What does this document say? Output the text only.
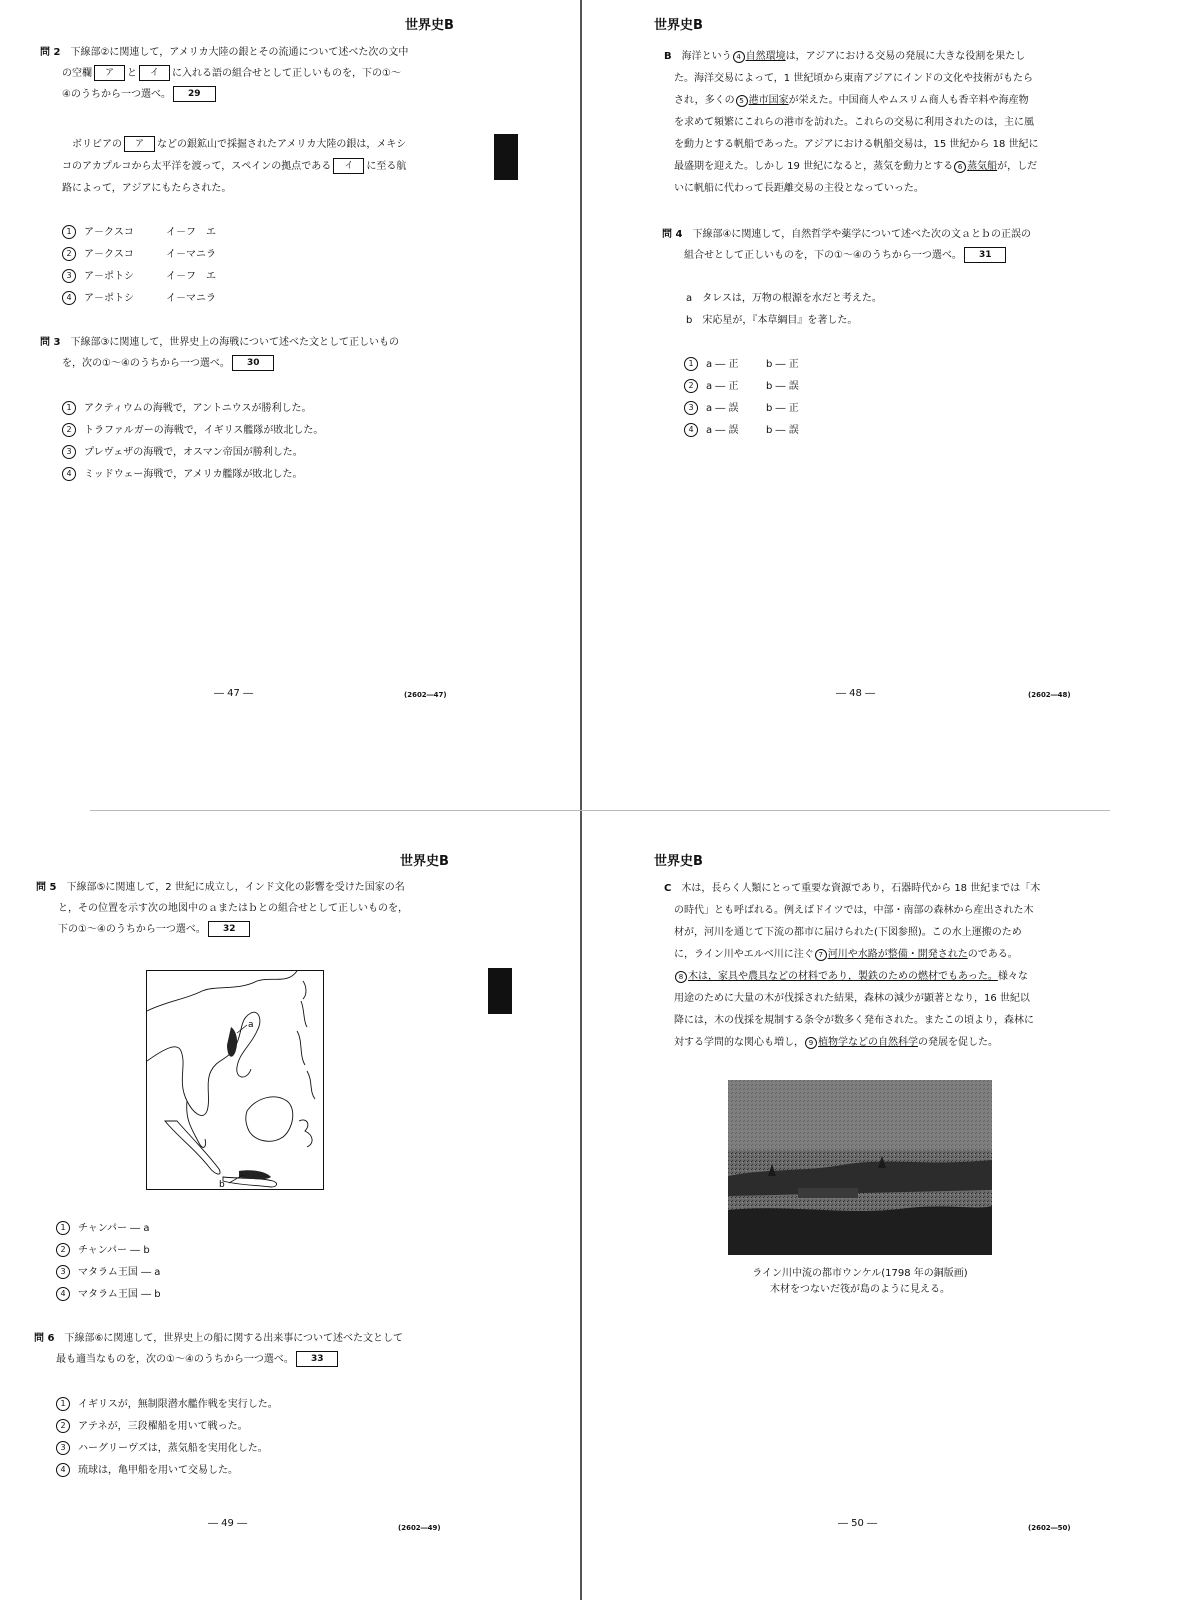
世界史B
問 2　 下線部②に関連して，アメリカ大陸の銀とその流通について述べた次の文中
の空欄 ア と イ に入れる語の組合せとして正しいものを，下の①～
④のうちから一つ選べ。 29
ボリビアの ア などの銀鉱山で採掘されたアメリカ大陸の銀は，メキシ
コのアカプルコから太平洋を渡って，スペインの拠点である イ に至る航
路によって，アジアにもたらされた。
1 ア－クスコ	イ－フ　エ
2 ア－クスコ	イ－マニラ
3 ア－ポトシ	イ－フ　エ
4 ア－ポトシ	イ－マニラ
問 3　 下線部③に関連して，世界史上の海戦について述べた文として正しいもの
を，次の①～④のうちから一つ選べ。 30
1 アクティウムの海戦で，アントニウスが勝利した。
2 トラファルガーの海戦で，イギリス艦隊が敗北した。
3 プレヴェザの海戦で，オスマン帝国が勝利した。
4 ミッドウェー海戦で，アメリカ艦隊が敗北した。
― 47 ―	(2602―47)
世界史B
B　 海洋という 4 自然環境は，アジアにおける交易の発展に大きな役割を果たし
た。海洋交易によって，1 世紀頃から東南アジアにインドの文化や技術がもたら
され，多くの 5 港市国家が栄えた。中国商人やムスリム商人も香辛料や海産物
を求めて頻繁にこれらの港市を訪れた。これらの交易に利用されたのは，主に風
を動力とする帆船であった。アジアにおける帆船交易は，15 世紀から 18 世紀に
最盛期を迎えた。しかし 19 世紀になると，蒸気を動力とする 6 蒸気船が，しだ
いに帆船に代わって長距離交易の主役となっていった。
問 4　 下線部④に関連して，自然哲学や薬学について述べた次の文ａとｂの正誤の
組合せとして正しいものを，下の①～④のうちから一つ選べ。 31
a　 タレスは，万物の根源を水だと考えた。
b　 宋応星が，『本草綱目』を著した。
1 a ― 正	b ― 正
2 a ― 正	b ― 誤
3 a ― 誤	b ― 正
4 a ― 誤	b ― 誤
― 48 ―	(2602―48)
世界史B
問 5　 下線部⑤に関連して，2 世紀に成立し，インド文化の影響を受けた国家の名
と，その位置を示す次の地図中のａまたはｂとの組合せとして正しいものを，
下の①～④のうちから一つ選べ。 32
1 チャンパー ― a
2 チャンパー ― b
3 マタラム王国 ― a
4 マタラム王国 ― b
問 6　 下線部⑥に関連して，世界史上の船に関する出来事について述べた文として
最も適当なものを，次の①～④のうちから一つ選べ。 33
1 イギリスが，無制限潜水艦作戦を実行した。
2 アテネが，三段櫂船を用いて戦った。
3 ハーグリーヴズは，蒸気船を実用化した。
4 琉球は，亀甲船を用いて交易した。
― 49 ―	(2602―49)
a
b
世界史B
C　 木は，長らく人類にとって重要な資源であり，石器時代から 18 世紀までは「木
の時代」とも呼ばれる。例えばドイツでは，中部・南部の森林から産出された木
材が，河川を通じて下流の都市に届けられた(下図参照)。この水上運搬のため
に，ライン川やエルベ川に注ぐ 7 河川や水路が整備・開発されたのである。
8 木は，家具や農具などの材料であり，製鉄のための燃材でもあった。様々な
用途のために大量の木が伐採された結果，森林の減少が顕著となり，16 世紀以
降には，木の伐採を規制する条令が数多く発布された。またこの頃より，森林に
対する学問的な関心も増し， 9 植物学などの自然科学の発展を促した。
ライン川中流の都市ウンケル(1798 年の銅版画)
木材をつないだ筏が島のように見える。
― 50 ―	(2602―50)
